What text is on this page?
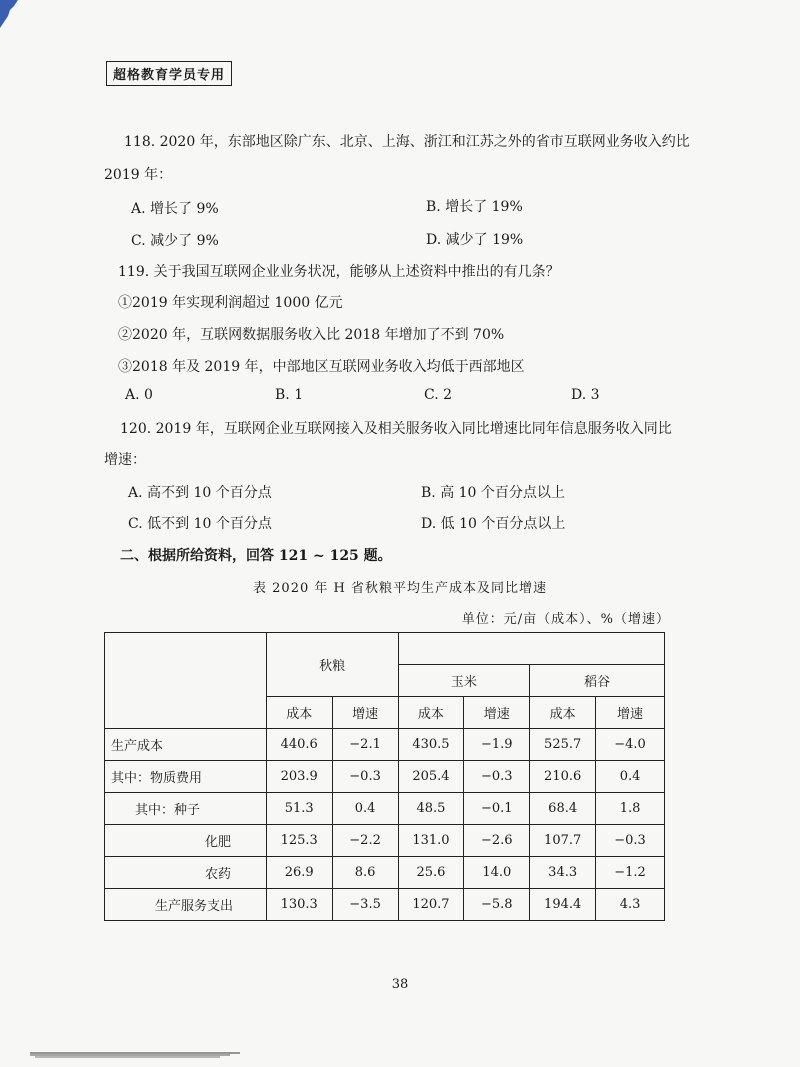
超格教育学员专用
118. 2020 年，东部地区除广东、北京、上海、浙江和江苏之外的省市互联网业务收入约比
2019 年：
A. 增长了 9%	B. 增长了 19%
C. 减少了 9%	D. 减少了 19%
119. 关于我国互联网企业业务状况，能够从上述资料中推出的有几条？
①2019 年实现利润超过 1000 亿元
②2020 年，互联网数据服务收入比 2018 年增加了不到 70%
③2018 年及 2019 年，中部地区互联网业务收入均低于西部地区
A. 0	B. 1	C. 2	D. 3
120. 2019 年，互联网企业互联网接入及相关服务收入同比增速比同年信息服务收入同比
增速：
A. 高不到 10 个百分点	B. 高 10 个百分点以上
C. 低不到 10 个百分点	D. 低 10 个百分点以上
二、根据所给资料，回答 121 ~ 125 题。
表 2020 年 H 省秋粮平均生产成本及同比增速
单位：元/亩（成本）、%（增速）
	秋粮					
			玉米		稻谷	
	成本	增速	成本	增速	成本	增速
生产成本	440.6	−2.1	430.5	−1.9	525.7	−4.0
其中：物质费用	203.9	−0.3	205.4	−0.3	210.6	0.4
其中：种子	51.3	0.4	48.5	−0.1	68.4	1.8
化肥	125.3	−2.2	131.0	−2.6	107.7	−0.3
农药	26.9	8.6	25.6	14.0	34.3	−1.2
生产服务支出	130.3	−3.5	120.7	−5.8	194.4	4.3
38
